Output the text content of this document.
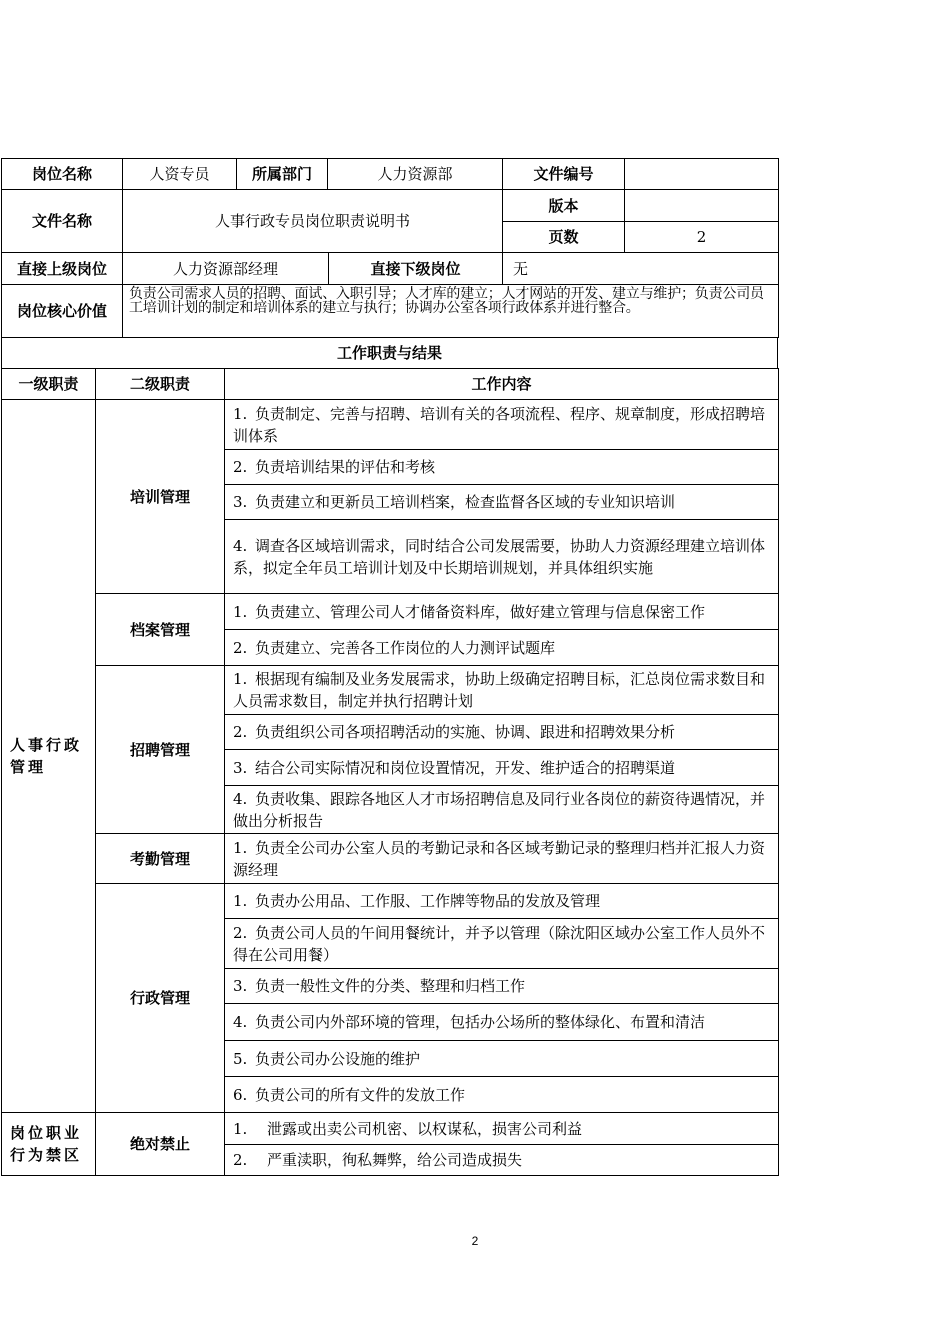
岗位名称	人资专员	所属部门	人力资源部	文件编号	
文件名称	人事行政专员岗位职责说明书			版本	
				页数	2
直接上级岗位	人力资源部经理	直接下级岗位	无
岗位核心价值	负责公司需求人员的招聘、面试、入职引导；人才库的建立；人才网站的开发、建立与维护；负责公司员工培训计划的制定和培训体系的建立与执行；协调办公室各项行政体系并进行整合。
工作职责与结果
一级职责	二级职责	工作内容
人事行政管理	培训管理	1. 负责制定、完善与招聘、培训有关的各项流程、程序、规章制度，形成招聘培训体系
		2. 负责培训结果的评估和考核
		3. 负责建立和更新员工培训档案，检查监督各区域的专业知识培训
		4. 调查各区域培训需求，同时结合公司发展需要，协助人力资源经理建立培训体系，拟定全年员工培训计划及中长期培训规划，并具体组织实施
	档案管理	1. 负责建立、管理公司人才储备资料库，做好建立管理与信息保密工作
		2. 负责建立、完善各工作岗位的人力测评试题库
	招聘管理	1. 根据现有编制及业务发展需求，协助上级确定招聘目标，汇总岗位需求数目和人员需求数目，制定并执行招聘计划
		2. 负责组织公司各项招聘活动的实施、协调、跟进和招聘效果分析
		3. 结合公司实际情况和岗位设置情况，开发、维护适合的招聘渠道
		4. 负责收集、跟踪各地区人才市场招聘信息及同行业各岗位的薪资待遇情况，并做出分析报告
	考勤管理	1. 负责全公司办公室人员的考勤记录和各区域考勤记录的整理归档并汇报人力资源经理
	行政管理	1. 负责办公用品、工作服、工作牌等物品的发放及管理
		2. 负责公司人员的午间用餐统计，并予以管理（除沈阳区域办公室工作人员外不得在公司用餐）
		3. 负责一般性文件的分类、整理和归档工作
		4. 负责公司内外部环境的管理，包括办公场所的整体绿化、布置和清洁
		5. 负责公司办公设施的维护
		6. 负责公司的所有文件的发放工作
岗位职业行为禁区	绝对禁止	1. 泄露或出卖公司机密、以权谋私，损害公司利益
		2. 严重渎职，徇私舞弊，给公司造成损失
2
